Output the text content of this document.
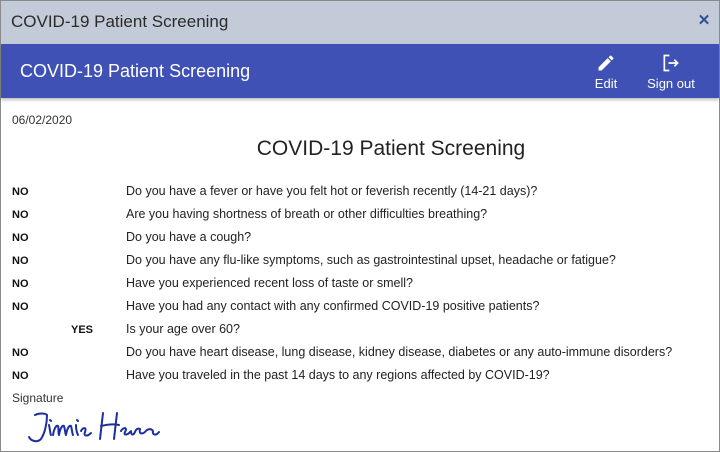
COVID-19 Patient Screening	✕
COVID-19 Patient Screening
Edit	Sign out
06/02/2020
COVID-19 Patient Screening
NO	Do you have a fever or have you felt hot or feverish recently (14-21 days)?
NO	Are you having shortness of breath or other difficulties breathing?
NO	Do you have a cough?
NO	Do you have any flu-like symptoms, such as gastrointestinal upset, headache or fatigue?
NO	Have you experienced recent loss of taste or smell?
NO	Have you had any contact with any confirmed COVID-19 positive patients?
YES	Is your age over 60?
NO	Do you have heart disease, lung disease, kidney disease, diabetes or any auto-immune disorders?
NO	Have you traveled in the past 14 days to any regions affected by COVID-19?
Signature
